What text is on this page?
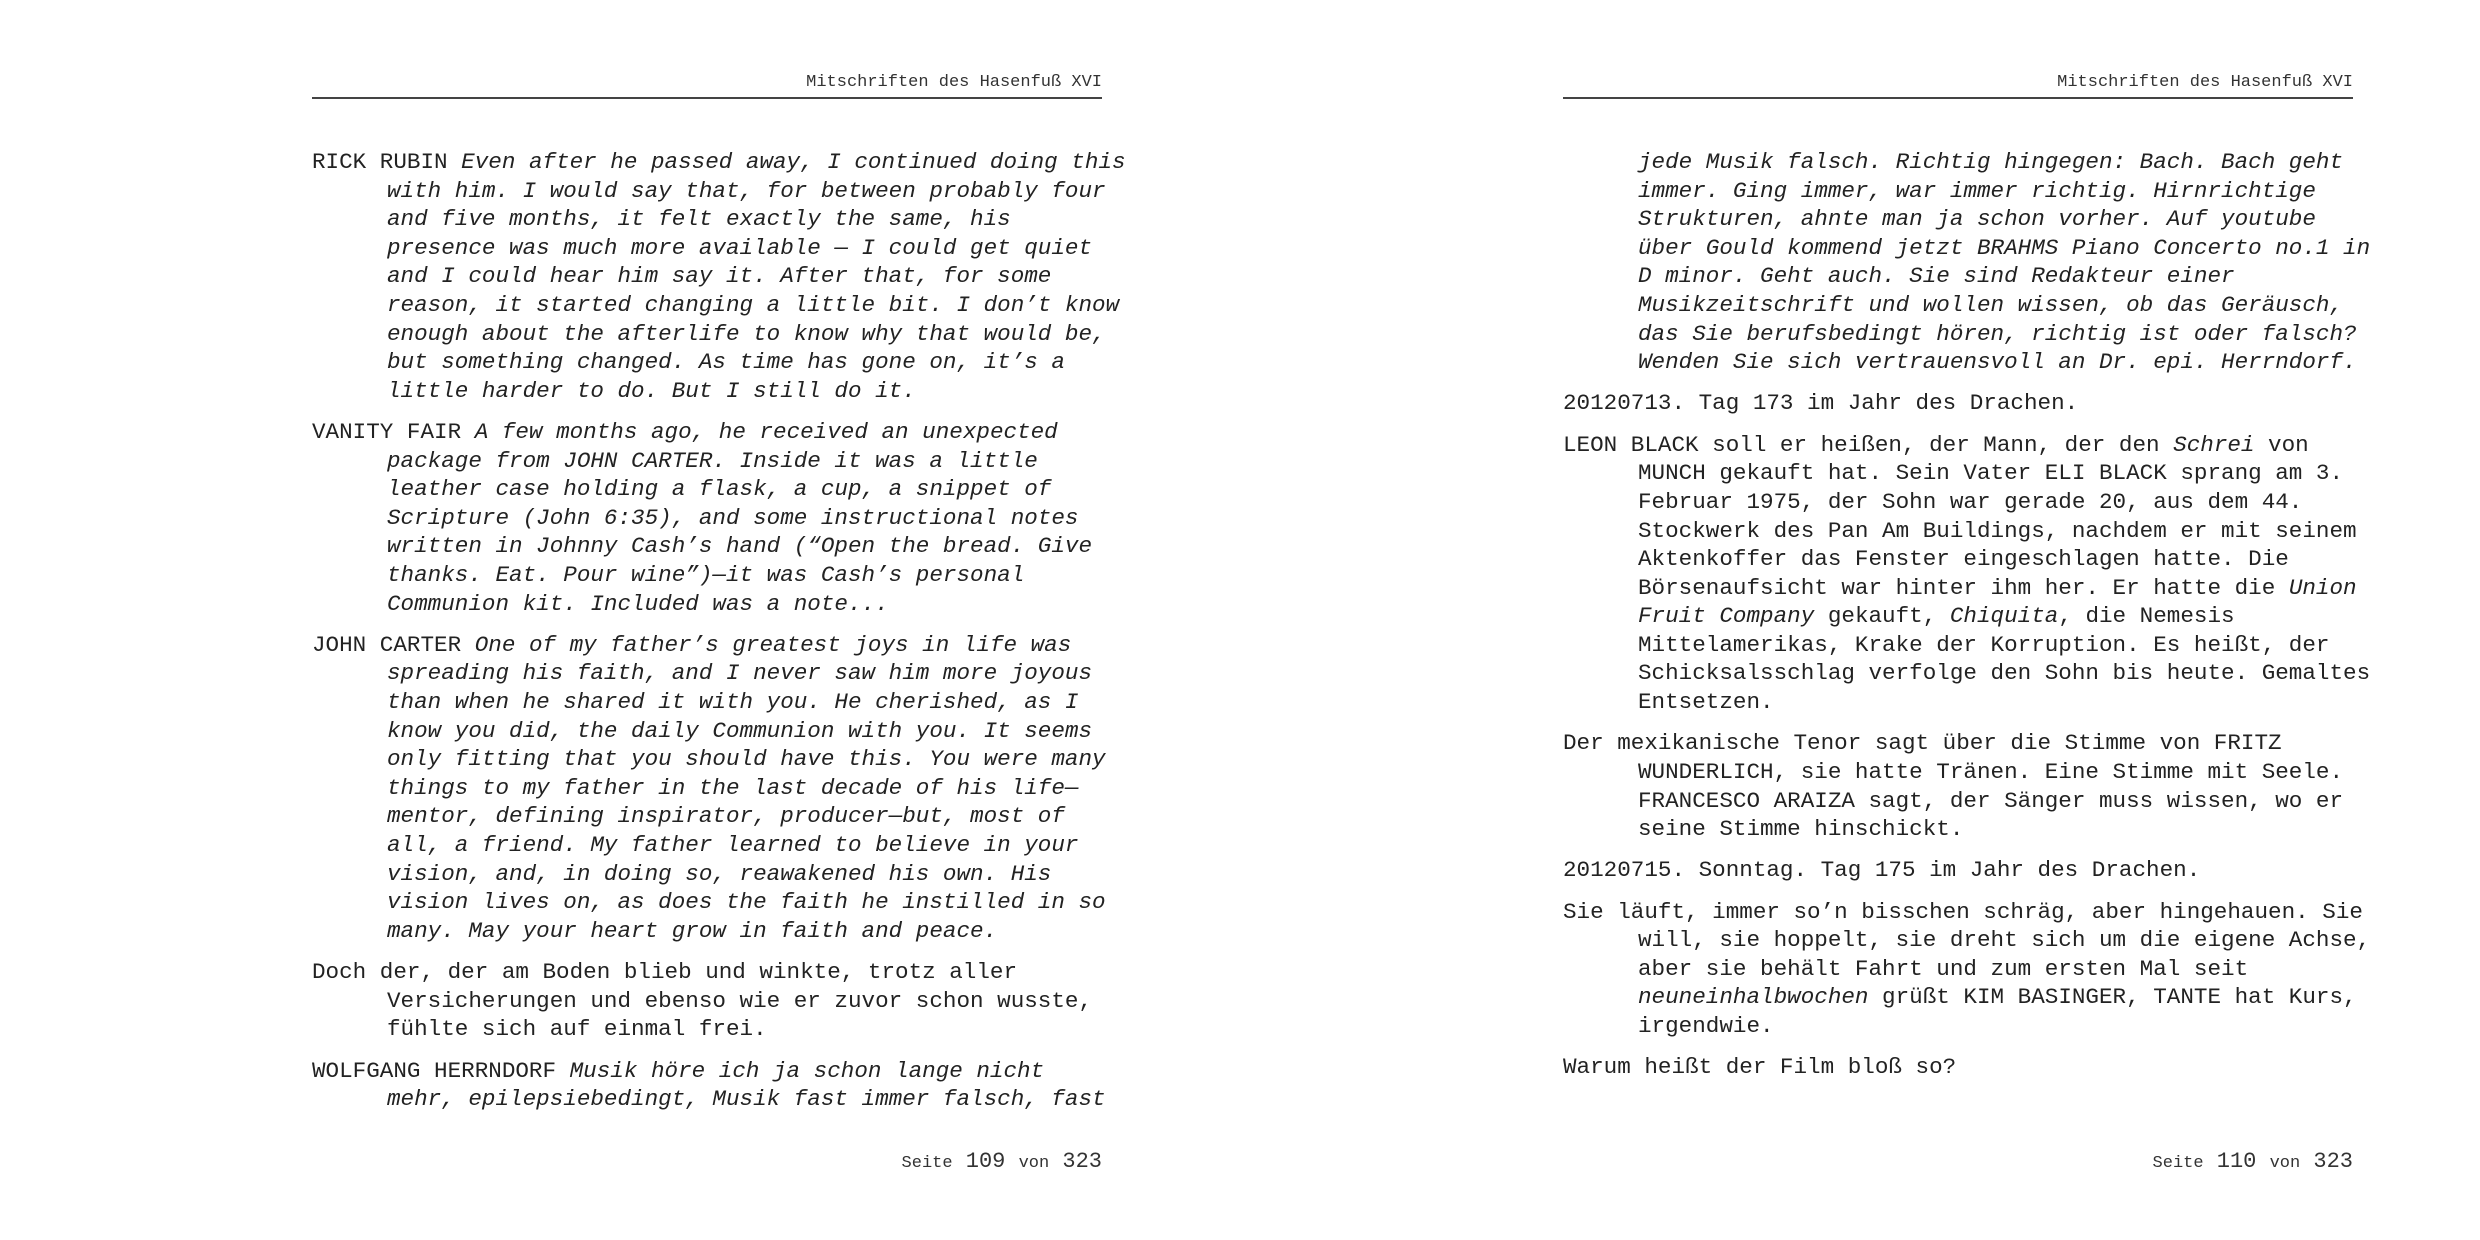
Mitschriften des Hasenfuß XVI

RICK RUBIN Even after he passed away, I continued doing this
with him. I would say that, for between probably four
and five months, it felt exactly the same, his
presence was much more available — I could get quiet
and I could hear him say it. After that, for some
reason, it started changing a little bit. I don’t know
enough about the afterlife to know why that would be,
but something changed. As time has gone on, it’s a
little harder to do. But I still do it.

VANITY FAIR A few months ago, he received an unexpected
package from JOHN CARTER. Inside it was a little
leather case holding a flask, a cup, a snippet of
Scripture (John 6:35), and some instructional notes
written in Johnny Cash’s hand (“Open the bread. Give
thanks. Eat. Pour wine”)—it was Cash’s personal
Communion kit. Included was a note...

JOHN CARTER One of my father’s greatest joys in life was
spreading his faith, and I never saw him more joyous
than when he shared it with you. He cherished, as I
know you did, the daily Communion with you. It seems
only fitting that you should have this. You were many
things to my father in the last decade of his life—
mentor, defining inspirator, producer—but, most of
all, a friend. My father learned to believe in your
vision, and, in doing so, reawakened his own. His
vision lives on, as does the faith he instilled in so
many. May your heart grow in faith and peace.

Doch der, der am Boden blieb und winkte, trotz aller
Versicherungen und ebenso wie er zuvor schon wusste,
fühlte sich auf einmal frei.

WOLFGANG HERRNDORF Musik höre ich ja schon lange nicht
mehr, epilepsiebedingt, Musik fast immer falsch, fast

Seite 109 von 323
Mitschriften des Hasenfuß XVI

jede Musik falsch. Richtig hingegen: Bach. Bach geht
immer. Ging immer, war immer richtig. Hirnrichtige
Strukturen, ahnte man ja schon vorher. Auf youtube
über Gould kommend jetzt BRAHMS Piano Concerto no.1 in
D minor. Geht auch. Sie sind Redakteur einer
Musikzeitschrift und wollen wissen, ob das Geräusch,
das Sie berufsbedingt hören, richtig ist oder falsch?
Wenden Sie sich vertrauensvoll an Dr. epi. Herrndorf.

20120713. Tag 173 im Jahr des Drachen.

LEON BLACK soll er heißen, der Mann, der den Schrei von
MUNCH gekauft hat. Sein Vater ELI BLACK sprang am 3.
Februar 1975, der Sohn war gerade 20, aus dem 44.
Stockwerk des Pan Am Buildings, nachdem er mit seinem
Aktenkoffer das Fenster eingeschlagen hatte. Die
Börsenaufsicht war hinter ihm her. Er hatte die Union
Fruit Company gekauft, Chiquita, die Nemesis
Mittelamerikas, Krake der Korruption. Es heißt, der
Schicksalsschlag verfolge den Sohn bis heute. Gemaltes
Entsetzen.

Der mexikanische Tenor sagt über die Stimme von FRITZ
WUNDERLICH, sie hatte Tränen. Eine Stimme mit Seele.
FRANCESCO ARAIZA sagt, der Sänger muss wissen, wo er
seine Stimme hinschickt.

20120715. Sonntag. Tag 175 im Jahr des Drachen.

Sie läuft, immer so’n bisschen schräg, aber hingehauen. Sie
will, sie hoppelt, sie dreht sich um die eigene Achse,
aber sie behält Fahrt und zum ersten Mal seit
neuneinhalbwochen grüßt KIM BASINGER, TANTE hat Kurs,
irgendwie.

Warum heißt der Film bloß so?

Seite 110 von 323
